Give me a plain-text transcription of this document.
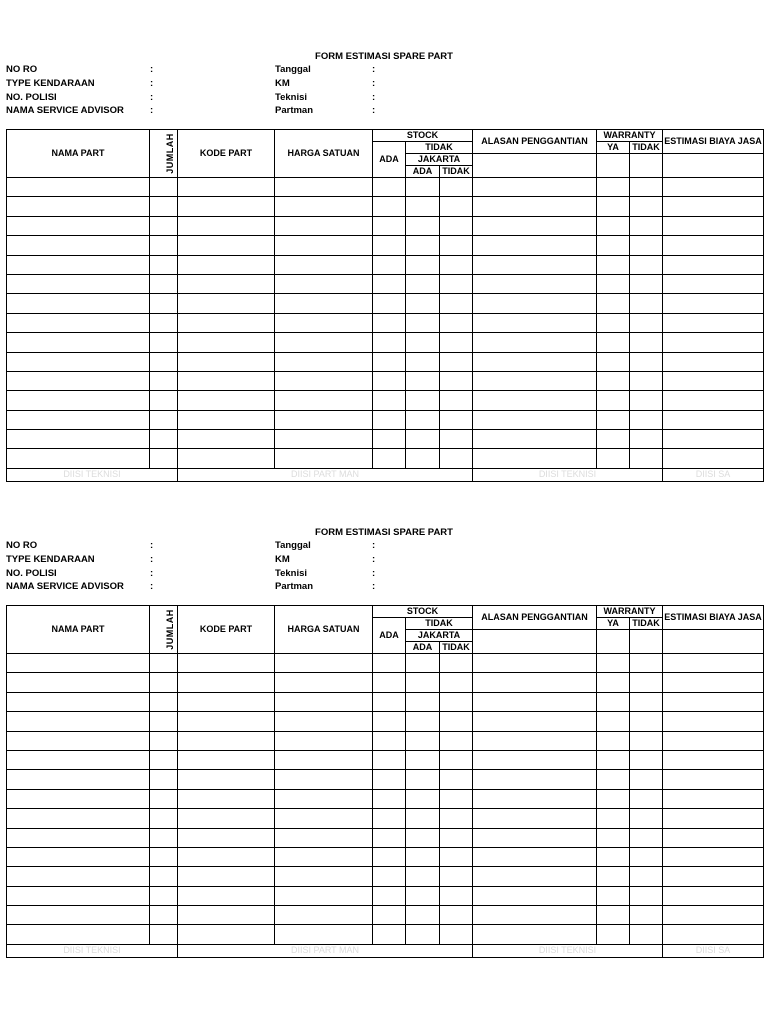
FORM ESTIMASI SPARE PART
NO RO	:
TYPE KENDARAAN	:
NO. POLISI	:
NAMA SERVICE ADVISOR	:
Tanggal	:
KM	:
Teknisi	:
Partman	:
NAMA PART	JUMLAH	KODE PART	HARGA SATUAN	STOCK			ALASAN PENGGANTIAN	WARRANTY		ESTIMASI BIAYA JASA
				ADA	TIDAK			YA	TIDAK	
					JAKARTA					
					ADA	TIDAK				

DIISI TEKNISI		DIISI PART MAN					DIISI TEKNISI			DIISI SA
FORM ESTIMASI SPARE PART
NO RO	:
TYPE KENDARAAN	:
NO. POLISI	:
NAMA SERVICE ADVISOR	:
Tanggal	:
KM	:
Teknisi	:
Partman	:
NAMA PART	JUMLAH	KODE PART	HARGA SATUAN	STOCK			ALASAN PENGGANTIAN	WARRANTY		ESTIMASI BIAYA JASA
				ADA	TIDAK			YA	TIDAK	
					JAKARTA					
					ADA	TIDAK				

DIISI TEKNISI		DIISI PART MAN					DIISI TEKNISI			DIISI SA
